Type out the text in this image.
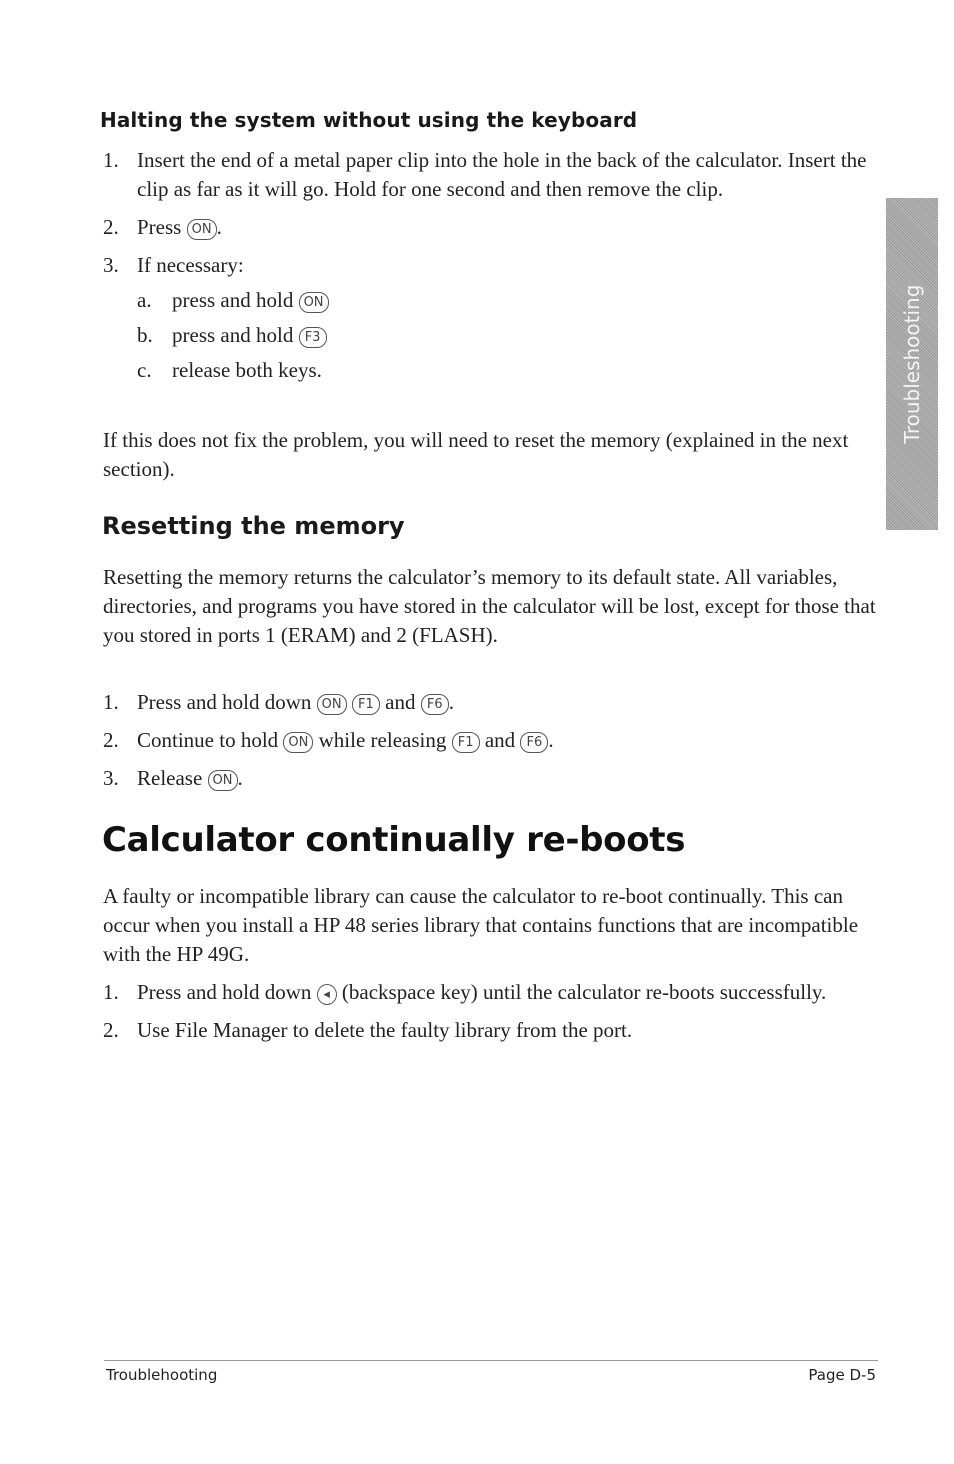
Troubleshooting
Halting the system without using the keyboard
1. Insert the end of a metal paper clip into the hole in the back of the calculator. Insert the clip as far as it will go. Hold for one second and then remove the clip.
2. Press ON .
3. If necessary:
a. press and hold ON
b. press and hold F3
c. release both keys.

If this does not fix the problem, you will need to reset the memory (explained in the next section).

Resetting the memory

Resetting the memory returns the calculator’s memory to its default state. All variables, directories, and programs you have stored in the calculator will be lost, except for those that you stored in ports 1 (ERAM) and 2 (FLASH).

1. Press and hold down ON F1 and F6 .
2. Continue to hold ON while releasing F1 and F6 .
3. Release ON .
Calculator continually re-boots

A faulty or incompatible library can cause the calculator to re-boot continually. This can occur when you install a HP 48 series library that contains functions that are incompatible with the HP 49G.

1. Press and hold down ◂ (backspace key) until the calculator re-boots successfully.
2. Use File Manager to delete the faulty library from the port.
Troublehooting	Page D-5
